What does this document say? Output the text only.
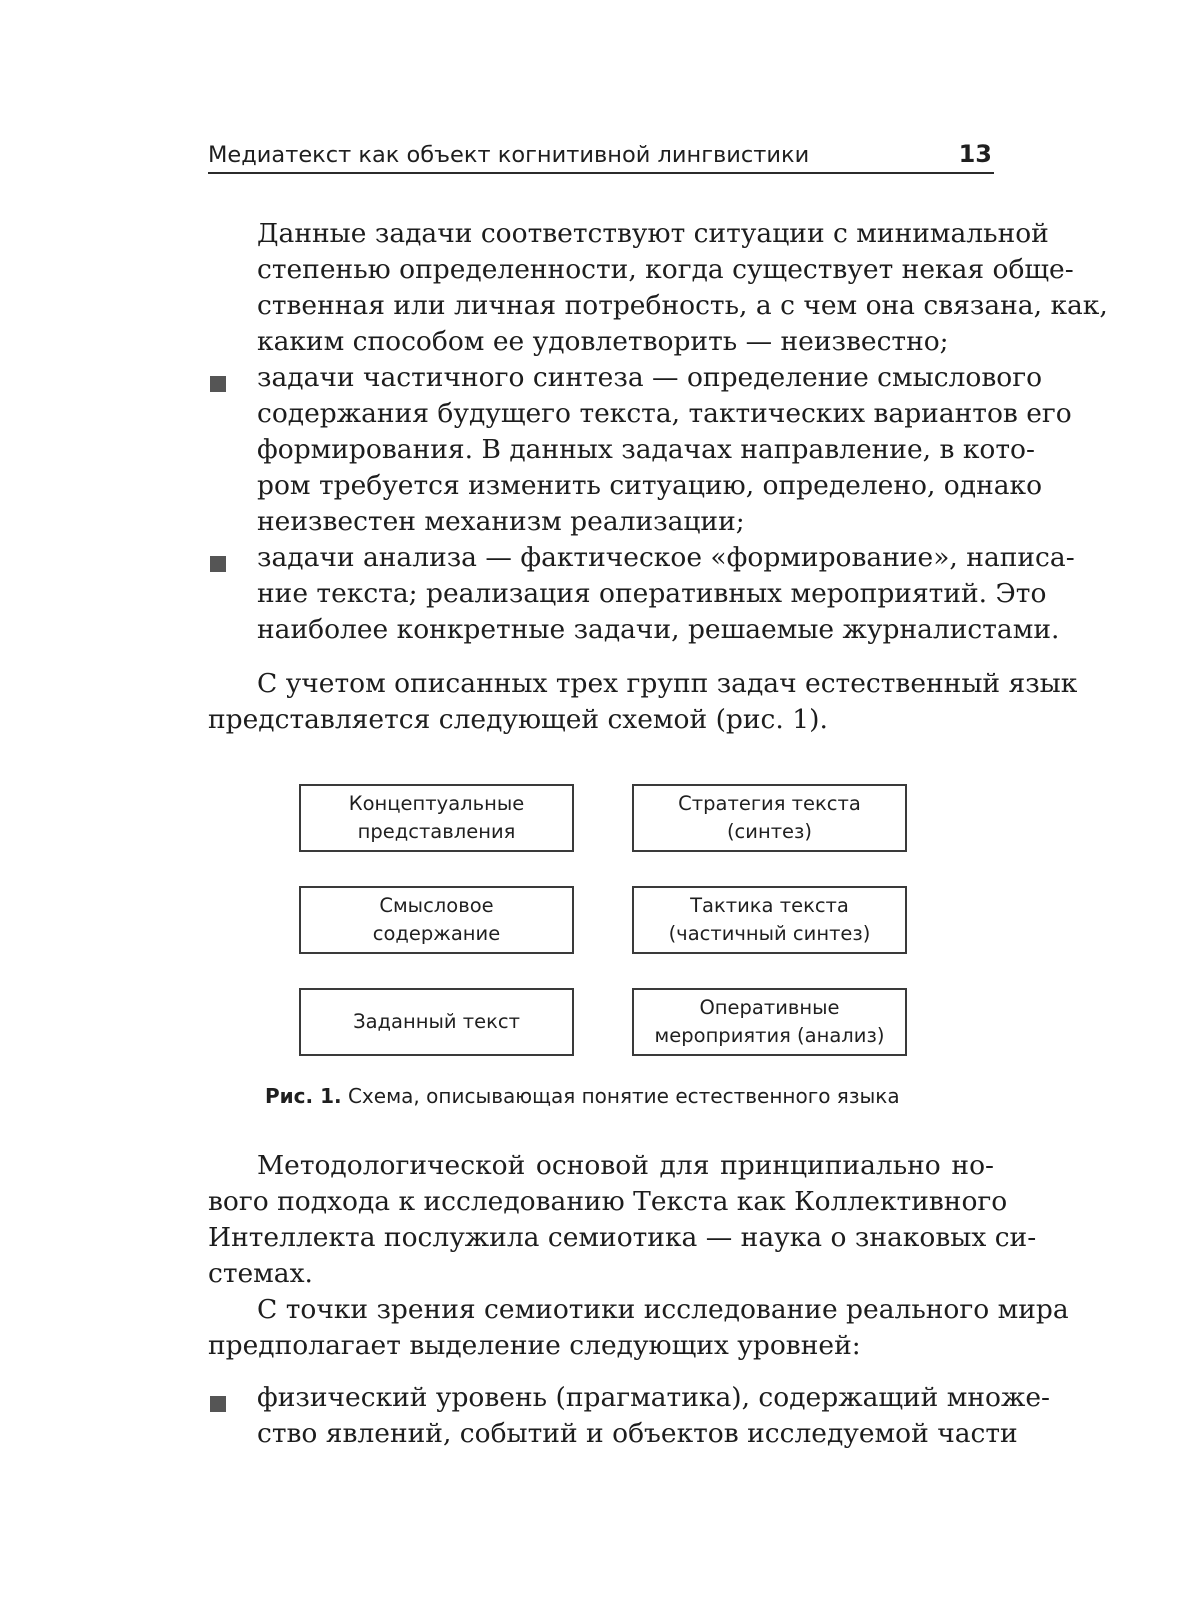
Медиатекст как объект когнитивной лингвистики	13
Данные задачи соответствуют ситуации с минимальной
степенью определенности, когда существует некая обще-
ственная или личная потребность, а с чем она связана, как,
каким способом ее удовлетворить — неизвестно;
задачи частичного синтеза — определение смыслового
содержания будущего текста, тактических вариантов его
формирования. В данных задачах направление, в кото-
ром требуется изменить ситуацию, определено, однако
неизвестен механизм реализации;
задачи анализа — фактическое «формирование», написа-
ние текста; реализация оперативных мероприятий. Это
наиболее конкретные задачи, решаемые журналистами.
С учетом описанных трех групп задач естественный язык
представляется следующей схемой (рис. 1).
Концептуальные
представления
Стратегия текста
(синтез)
Смысловое
содержание
Тактика текста
(частичный синтез)
Заданный текст
Оперативные
мероприятия (анализ)
Рис. 1. Схема, описывающая понятие естественного языка
Методологической основой для принципиально но-
вого подхода к исследованию Текста как Коллективного
Интеллекта послужила семиотика — наука о знаковых си-
стемах.
С точки зрения семиотики исследование реального мира
предполагает выделение следующих уровней:
физический уровень (прагматика), содержащий множе-
ство явлений, событий и объектов исследуемой части
